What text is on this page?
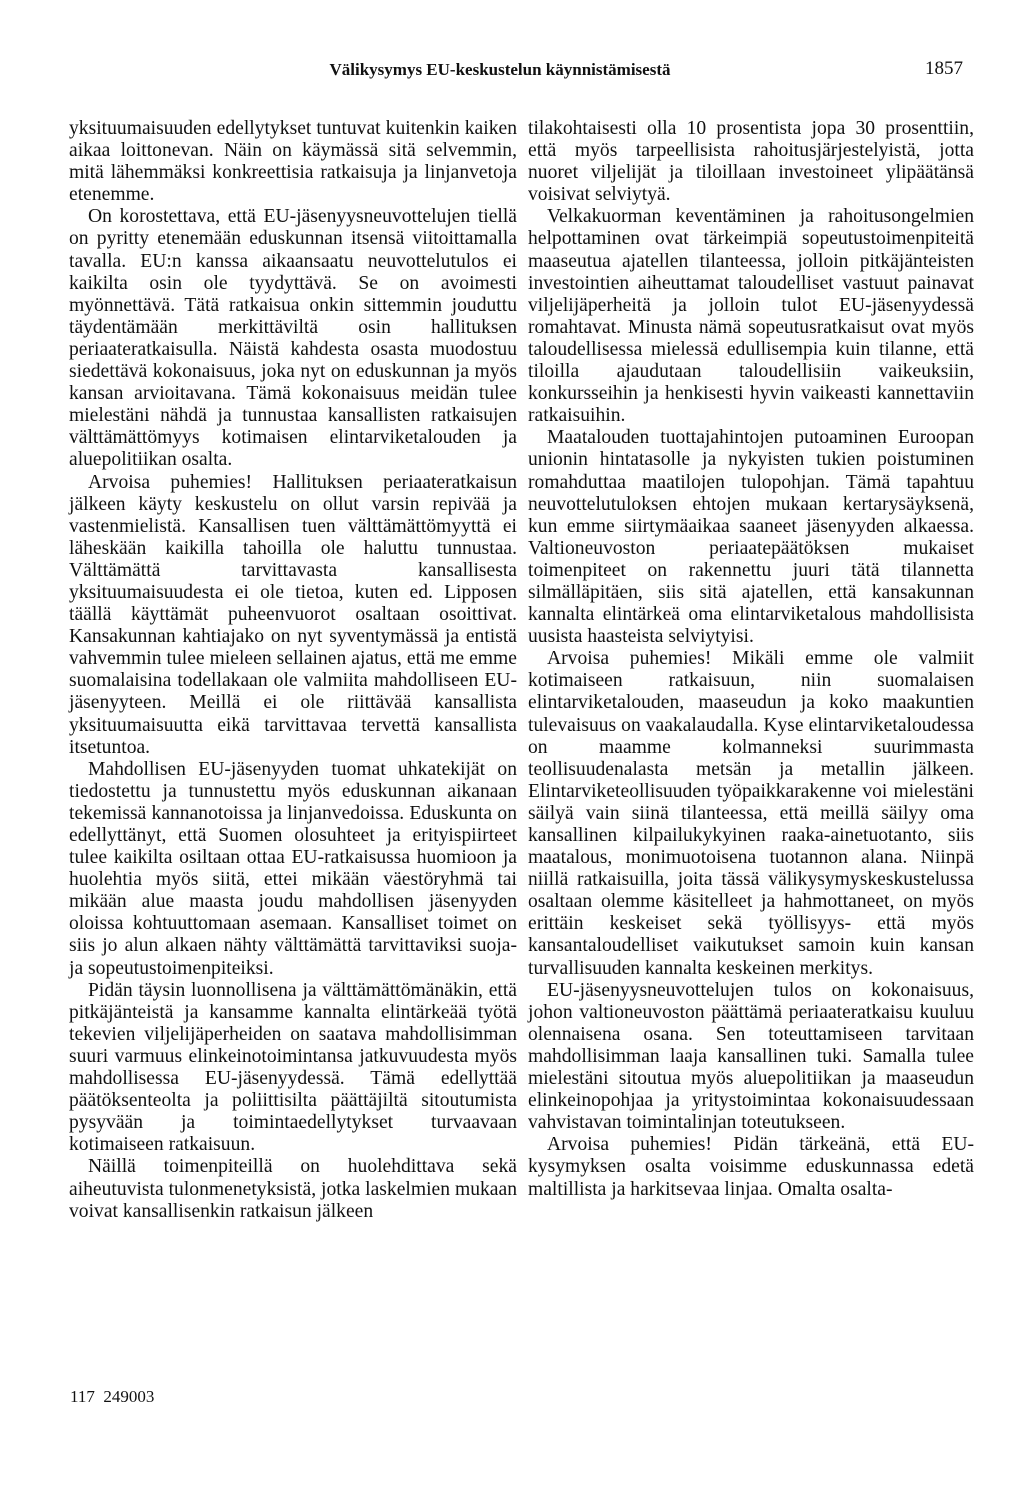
Välikysymys EU-keskustelun käynnistämisestä	1857

yksituumaisuuden edellytykset tuntuvat kuitenkin kaiken aikaa loittonevan. Näin on käymässä sitä selvemmin, mitä lähemmäksi konkreettisia ratkaisuja ja linjanvetoja etenemme.

On korostettava, että EU-jäsenyysneuvottelujen tiellä on pyritty etenemään eduskunnan itsensä viitoittamalla tavalla. EU:n kanssa aikaansaatu neuvottelutulos ei kaikilta osin ole tyydyttävä. Se on avoimesti myönnettävä. Tätä ratkaisua onkin sittemmin jouduttu täydentämään merkittäviltä osin hallituksen periaateratkaisulla. Näistä kahdesta osasta muodostuu siedettävä kokonaisuus, joka nyt on eduskunnan ja myös kansan arvioitavana. Tämä kokonaisuus meidän tulee mielestäni nähdä ja tunnustaa kansallisten ratkaisujen välttämättömyys kotimaisen elintarviketalouden ja aluepolitiikan osalta.

Arvoisa puhemies! Hallituksen periaateratkaisun jälkeen käyty keskustelu on ollut varsin repivää ja vastenmielistä. Kansallisen tuen välttämättömyyttä ei läheskään kaikilla tahoilla ole haluttu tunnustaa. Välttämättä tarvittavasta kansallisesta yksituumaisuudesta ei ole tietoa, kuten ed. Lipposen täällä käyttämät puheenvuorot osaltaan osoittivat. Kansakunnan kahtiajako on nyt syventymässä ja entistä vahvemmin tulee mieleen sellainen ajatus, että me emme suomalaisina todellakaan ole valmiita mahdolliseen EU-jäsenyyteen. Meillä ei ole riittävää kansallista yksituumaisuutta eikä tarvittavaa tervettä kansallista itsetuntoa.

Mahdollisen EU-jäsenyyden tuomat uhkatekijät on tiedostettu ja tunnustettu myös eduskunnan aikanaan tekemissä kannanotoissa ja linjanvedoissa. Eduskunta on edellyttänyt, että Suomen olosuhteet ja erityispiirteet tulee kaikilta osiltaan ottaa EU-ratkaisussa huomioon ja huolehtia myös siitä, ettei mikään väestöryhmä tai mikään alue maasta joudu mahdollisen jäsenyyden oloissa kohtuuttomaan asemaan. Kansalliset toimet on siis jo alun alkaen nähty välttämättä tarvittaviksi suoja- ja sopeutustoimenpiteiksi.

Pidän täysin luonnollisena ja välttämättömänäkin, että pitkäjänteistä ja kansamme kannalta elintärkeää työtä tekevien viljelijäperheiden on saatava mahdollisimman suuri varmuus elinkeinotoimintansa jatkuvuudesta myös mahdollisessa EU-jäsenyydessä. Tämä edellyttää päätöksenteolta ja poliittisilta päättäjiltä sitoutumista pysyvään ja toimintaedellytykset turvaavaan kotimaiseen ratkaisuun.

Näillä toimenpiteillä on huolehdittava sekä aiheutuvista tulonmenetyksistä, jotka laskelmien mukaan voivat kansallisenkin ratkaisun jälkeen

tilakohtaisesti olla 10 prosentista jopa 30 prosenttiin, että myös tarpeellisista rahoitusjärjestelyistä, jotta nuoret viljelijät ja tiloillaan investoineet ylipäätänsä voisivat selviytyä.

Velkakuorman keventäminen ja rahoitusongelmien helpottaminen ovat tärkeimpiä sopeutustoimenpiteitä maaseutua ajatellen tilanteessa, jolloin pitkäjänteisten investointien aiheuttamat taloudelliset vastuut painavat viljelijäperheitä ja jolloin tulot EU-jäsenyydessä romahtavat. Minusta nämä sopeutusratkaisut ovat myös taloudellisessa mielessä edullisempia kuin tilanne, että tiloilla ajaudutaan taloudellisiin vaikeuksiin, konkursseihin ja henkisesti hyvin vaikeasti kannettaviin ratkaisuihin.

Maatalouden tuottajahintojen putoaminen Euroopan unionin hintatasolle ja nykyisten tukien poistuminen romahduttaa maatilojen tulopohjan. Tämä tapahtuu neuvottelutuloksen ehtojen mukaan kertarysäyksenä, kun emme siirtymäaikaa saaneet jäsenyyden alkaessa. Valtioneuvoston periaatepäätöksen mukaiset toimenpiteet on rakennettu juuri tätä tilannetta silmälläpitäen, siis sitä ajatellen, että kansakunnan kannalta elintärkeä oma elintarviketalous mahdollisista uusista haasteista selviytyisi.

Arvoisa puhemies! Mikäli emme ole valmiit kotimaiseen ratkaisuun, niin suomalaisen elintarviketalouden, maaseudun ja koko maakuntien tulevaisuus on vaakalaudalla. Kyse elintarviketaloudessa on maamme kolmanneksi suurimmasta teollisuudenalasta metsän ja metallin jälkeen. Elintarviketeollisuuden työpaikkarakenne voi mielestäni säilyä vain siinä tilanteessa, että meillä säilyy oma kansallinen kilpailukykyinen raaka-ainetuotanto, siis maatalous, monimuotoisena tuotannon alana. Niinpä niillä ratkaisuilla, joita tässä välikysymyskeskustelussa osaltaan olemme käsitelleet ja hahmottaneet, on myös erittäin keskeiset sekä työllisyys- että myös kansantaloudelliset vaikutukset samoin kuin kansan turvallisuuden kannalta keskeinen merkitys.

EU-jäsenyysneuvottelujen tulos on kokonaisuus, johon valtioneuvoston päättämä periaateratkaisu kuuluu olennaisena osana. Sen toteuttamiseen tarvitaan mahdollisimman laaja kansallinen tuki. Samalla tulee mielestäni sitoutua myös aluepolitiikan ja maaseudun elinkeinopohjaa ja yritystoimintaa kokonaisuudessaan vahvistavan toimintalinjan toteutukseen.

Arvoisa puhemies! Pidän tärkeänä, että EU-kysymyksen osalta voisimme eduskunnassa edetä maltillista ja harkitsevaa linjaa. Omalta osalta-

117  249003
